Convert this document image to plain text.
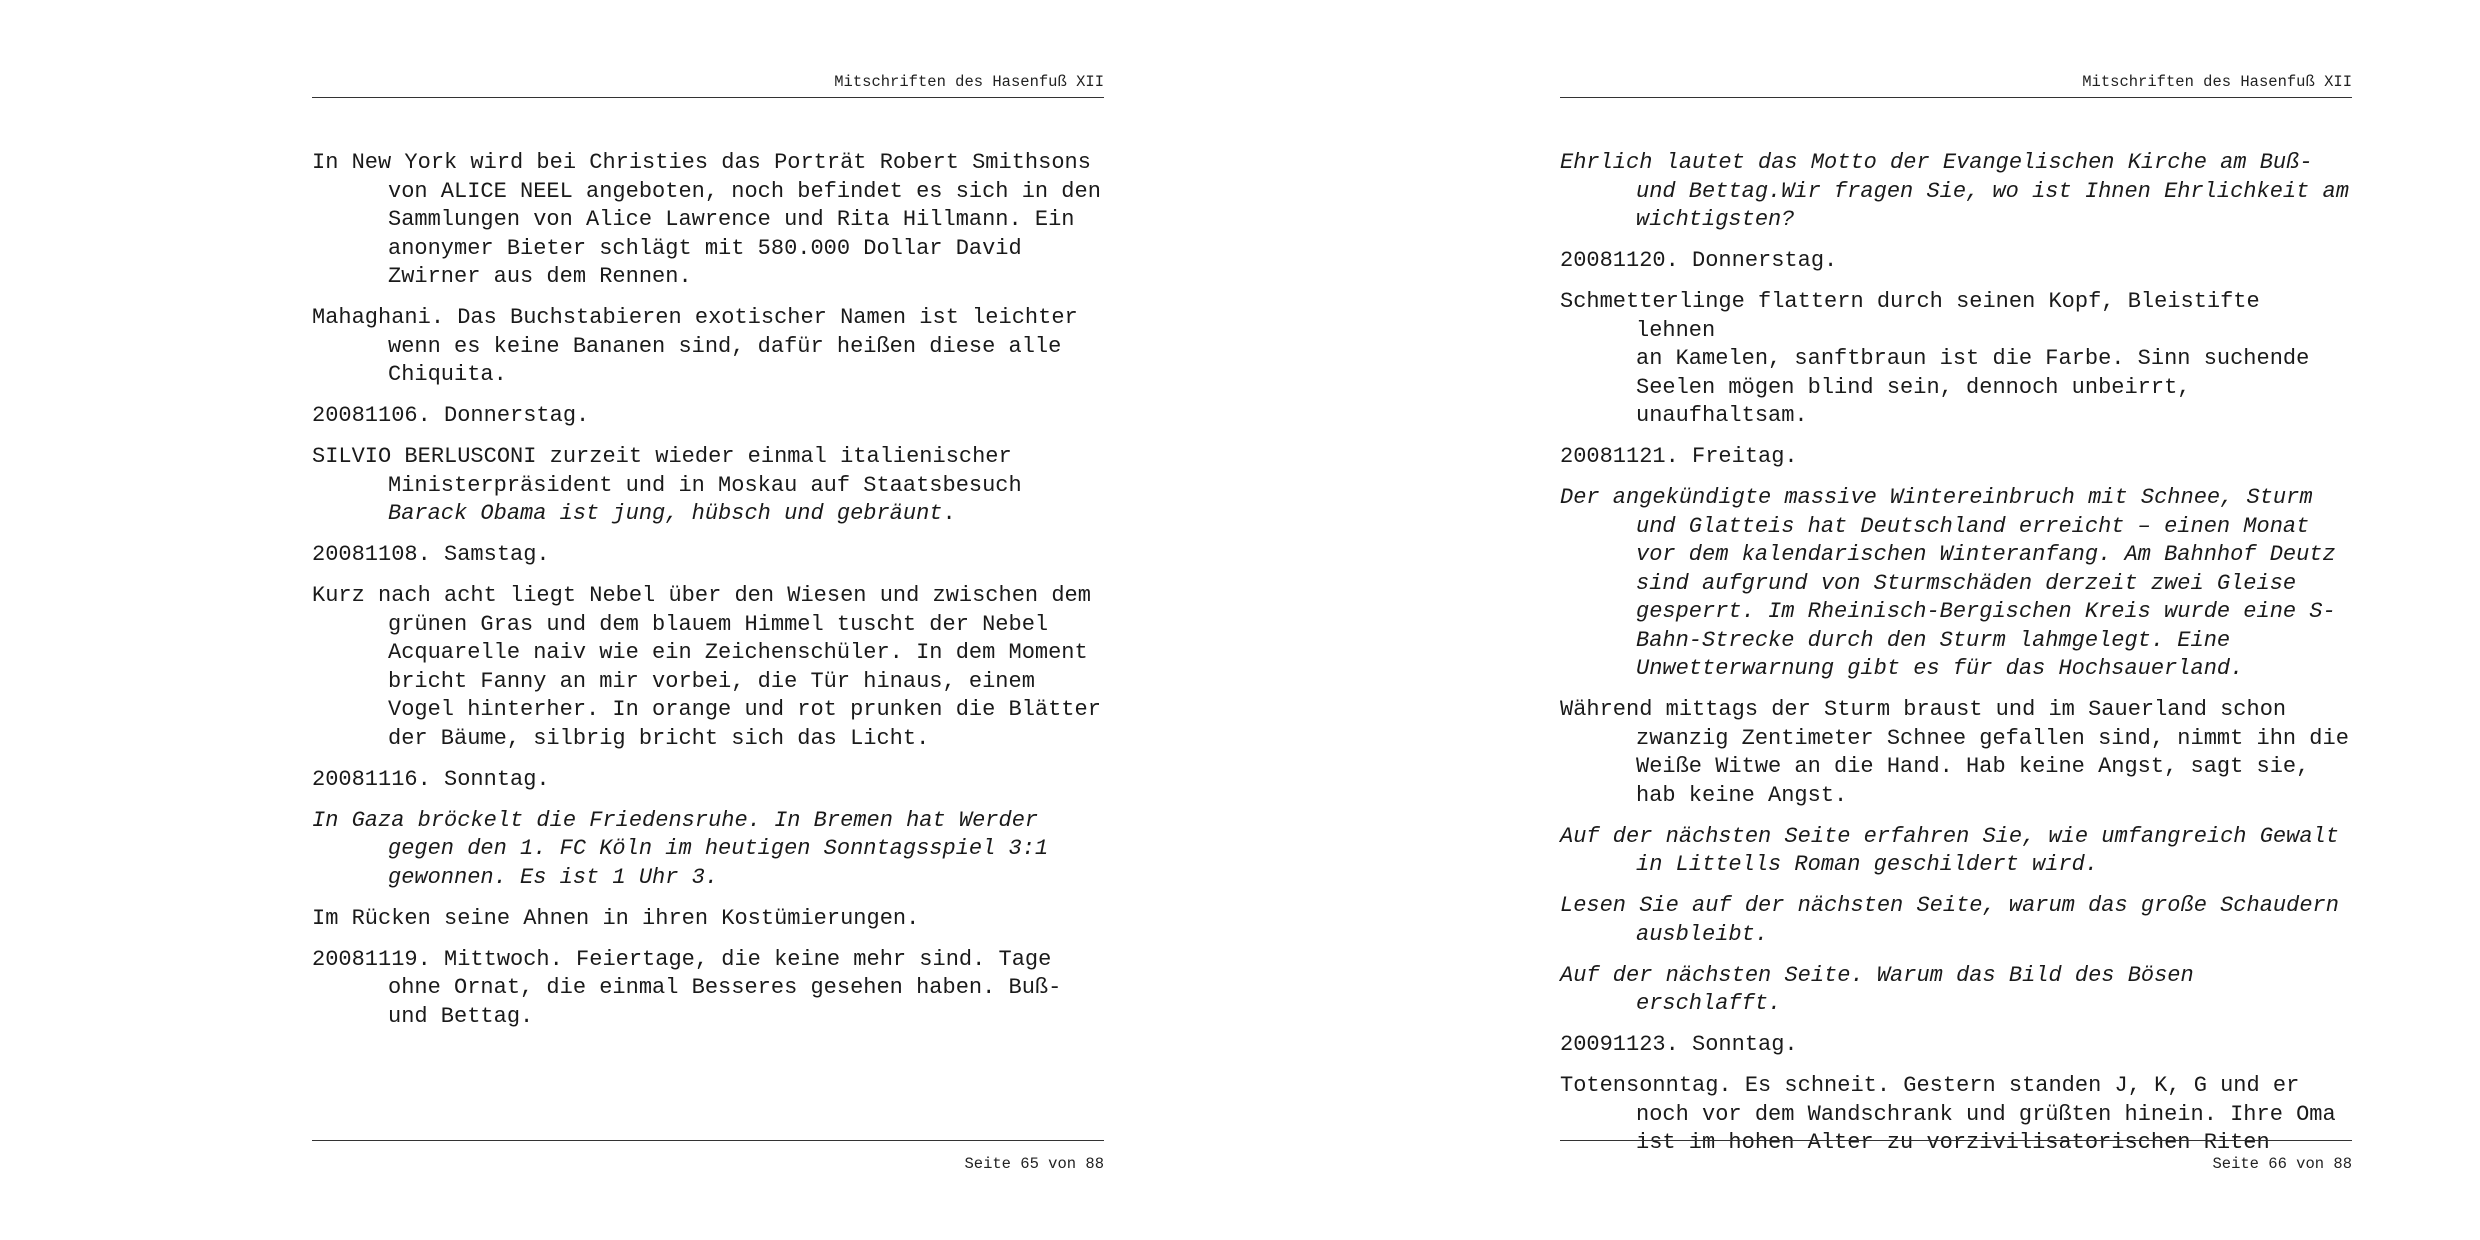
Mitschriften des Hasenfuß XII

In New York wird bei Christies das Porträt Robert Smithsons
von ALICE NEEL angeboten, noch befindet es sich in den
Sammlungen von Alice Lawrence und Rita Hillmann. Ein
anonymer Bieter schlägt mit 580.000 Dollar David
Zwirner aus dem Rennen.

Mahaghani. Das Buchstabieren exotischer Namen ist leichter
wenn es keine Bananen sind, dafür heißen diese alle
Chiquita.

20081106. Donnerstag.

SILVIO BERLUSCONI zurzeit wieder einmal italienischer
Ministerpräsident und in Moskau auf Staatsbesuch
Barack Obama ist jung, hübsch und gebräunt.

20081108. Samstag.

Kurz nach acht liegt Nebel über den Wiesen und zwischen dem
grünen Gras und dem blauem Himmel tuscht der Nebel
Acquarelle naiv wie ein Zeichenschüler. In dem Moment
bricht Fanny an mir vorbei, die Tür hinaus, einem
Vogel hinterher. In orange und rot prunken die Blätter
der Bäume, silbrig bricht sich das Licht.

20081116. Sonntag.

In Gaza bröckelt die Friedensruhe. In Bremen hat Werder
gegen den 1. FC Köln im heutigen Sonntagsspiel 3:1
gewonnen. Es ist 1 Uhr 3.

Im Rücken seine Ahnen in ihren Kostümierungen.

20081119. Mittwoch. Feiertage, die keine mehr sind. Tage
ohne Ornat, die einmal Besseres gesehen haben. Buß-
und Bettag.

Seite 65 von 88
Mitschriften des Hasenfuß XII

Ehrlich lautet das Motto der Evangelischen Kirche am Buß-
und Bettag.Wir fragen Sie, wo ist Ihnen Ehrlichkeit am
wichtigsten?

20081120. Donnerstag.

Schmetterlinge flattern durch seinen Kopf, Bleistifte lehnen
an Kamelen, sanftbraun ist die Farbe. Sinn suchende
Seelen mögen blind sein, dennoch unbeirrt,
unaufhaltsam.

20081121. Freitag.

Der angekündigte massive Wintereinbruch mit Schnee, Sturm
und Glatteis hat Deutschland erreicht – einen Monat
vor dem kalendarischen Winteranfang. Am Bahnhof Deutz
sind aufgrund von Sturmschäden derzeit zwei Gleise
gesperrt. Im Rheinisch-Bergischen Kreis wurde eine S-
Bahn-Strecke durch den Sturm lahmgelegt. Eine
Unwetterwarnung gibt es für das Hochsauerland.

Während mittags der Sturm braust und im Sauerland schon
zwanzig Zentimeter Schnee gefallen sind, nimmt ihn die
Weiße Witwe an die Hand. Hab keine Angst, sagt sie,
hab keine Angst.

Auf der nächsten Seite erfahren Sie, wie umfangreich Gewalt
in Littells Roman geschildert wird.

Lesen Sie auf der nächsten Seite, warum das große Schaudern
ausbleibt.

Auf der nächsten Seite. Warum das Bild des Bösen erschlafft.

20091123. Sonntag.

Totensonntag. Es schneit. Gestern standen J, K, G und er
noch vor dem Wandschrank und grüßten hinein. Ihre Oma
ist im hohen Alter zu vorzivilisatorischen Riten

Seite 66 von 88
